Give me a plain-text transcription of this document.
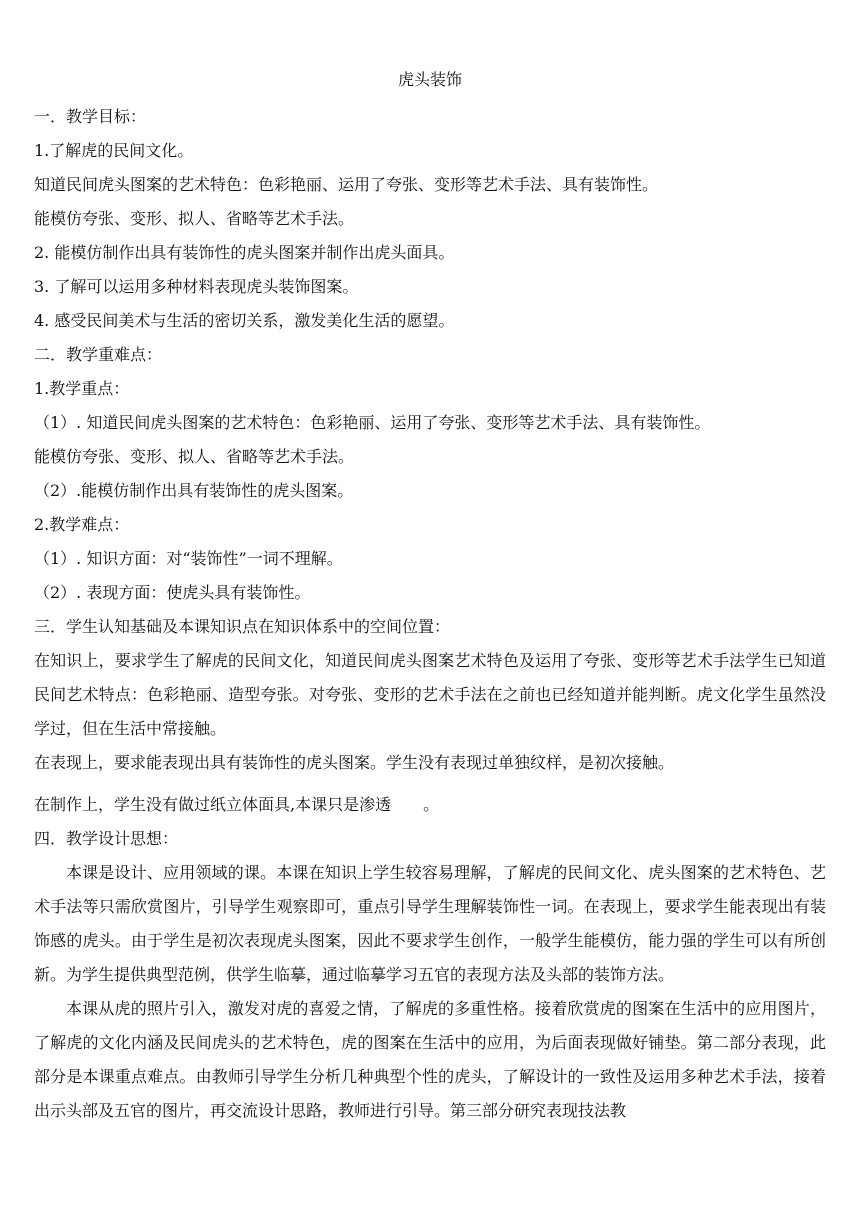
虎头装饰
一．教学目标：
1.了解虎的民间文化。
知道民间虎头图案的艺术特色：色彩艳丽、运用了夸张、变形等艺术手法、具有装饰性。
能模仿夸张、变形、拟人、省略等艺术手法。
2. 能模仿制作出具有装饰性的虎头图案并制作出虎头面具。
3. 了解可以运用多种材料表现虎头装饰图案。
4. 感受民间美术与生活的密切关系，激发美化生活的愿望。
二．教学重难点：
1.教学重点：
（1）. 知道民间虎头图案的艺术特色：色彩艳丽、运用了夸张、变形等艺术手法、具有装饰性。
能模仿夸张、变形、拟人、省略等艺术手法。
（2）.能模仿制作出具有装饰性的虎头图案。
2.教学难点：
（1）. 知识方面：对“装饰性”一词不理解。
（2）. 表现方面：使虎头具有装饰性。
三．学生认知基础及本课知识点在知识体系中的空间位置：
在知识上，要求学生了解虎的民间文化，知道民间虎头图案艺术特色及运用了夸张、变形等艺术手法学生已知道民间艺术特点：色彩艳丽、造型夸张。对夸张、变形的艺术手法在之前也已经知道并能判断。虎文化学生虽然没学过，但在生活中常接触。
在表现上，要求能表现出具有装饰性的虎头图案。学生没有表现过单独纹样，是初次接触。
在制作上，学生没有做过纸立体面具,本课只是渗透　　。
四．教学设计思想：
本课是设计、应用领域的课。本课在知识上学生较容易理解，了解虎的民间文化、虎头图案的艺术特色、艺术手法等只需欣赏图片，引导学生观察即可，重点引导学生理解装饰性一词。在表现上，要求学生能表现出有装饰感的虎头。由于学生是初次表现虎头图案，因此不要求学生创作，一般学生能模仿，能力强的学生可以有所创新。为学生提供典型范例，供学生临摹，通过临摹学习五官的表现方法及头部的装饰方法。
本课从虎的照片引入，激发对虎的喜爱之情，了解虎的多重性格。接着欣赏虎的图案在生活中的应用图片，了解虎的文化内涵及民间虎头的艺术特色，虎的图案在生活中的应用，为后面表现做好铺垫。第二部分表现，此部分是本课重点难点。由教师引导学生分析几种典型个性的虎头，了解设计的一致性及运用多种艺术手法，接着出示头部及五官的图片，再交流设计思路，教师进行引导。第三部分研究表现技法教
